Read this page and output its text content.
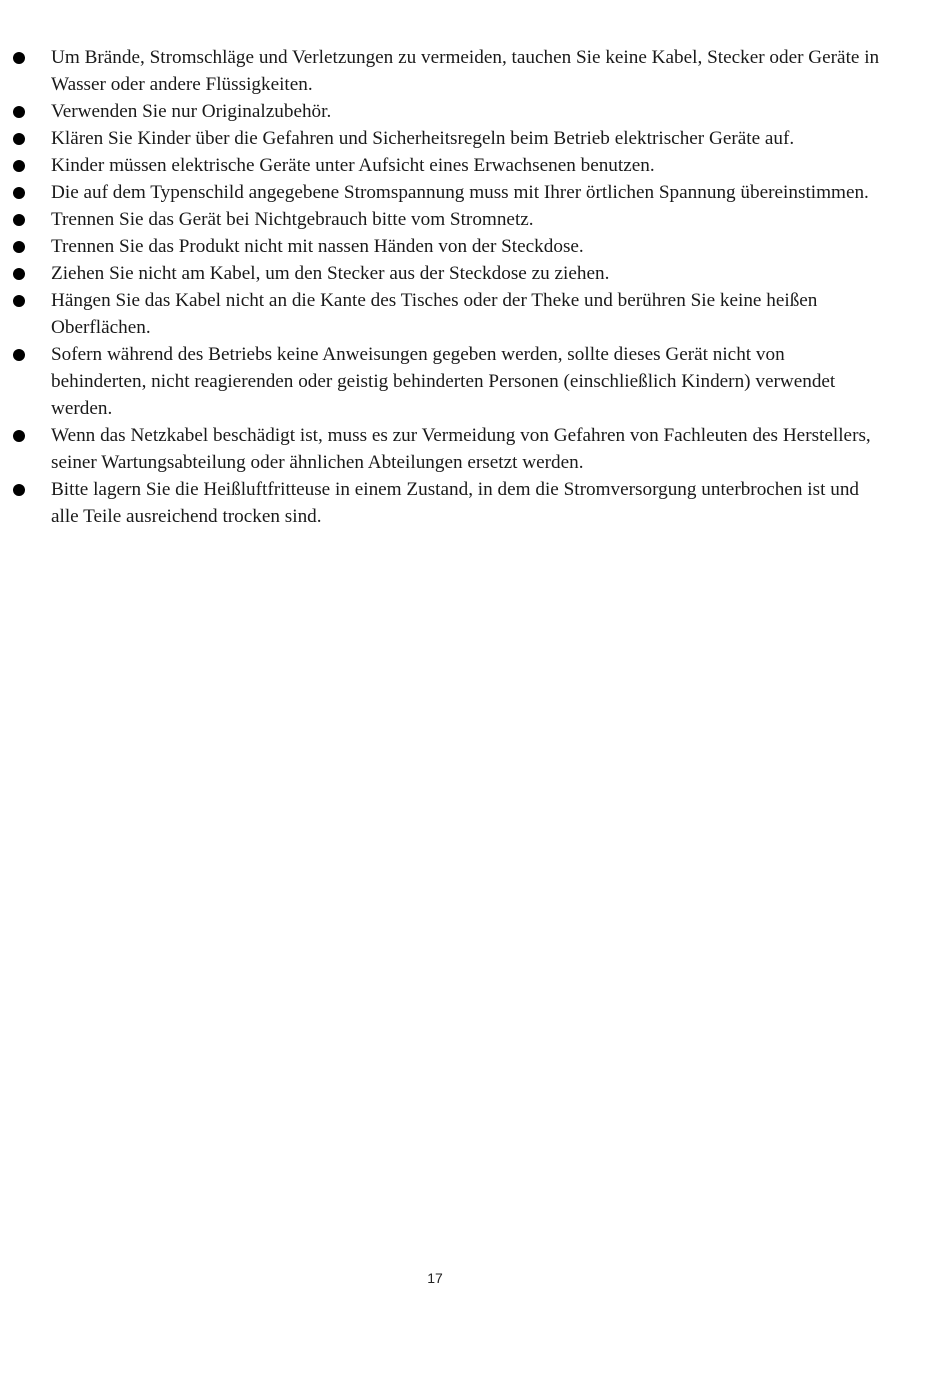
Um Brände, Stromschläge und Verletzungen zu vermeiden, tauchen Sie keine Kabel, Stecker oder Geräte in Wasser oder andere Flüssigkeiten.
Verwenden Sie nur Originalzubehör.
Klären Sie Kinder über die Gefahren und Sicherheitsregeln beim Betrieb elektrischer Geräte auf.
Kinder müssen elektrische Geräte unter Aufsicht eines Erwachsenen benutzen.
Die auf dem Typenschild angegebene Stromspannung muss mit Ihrer örtlichen Spannung übereinstimmen.
Trennen Sie das Gerät bei Nichtgebrauch bitte vom Stromnetz.
Trennen Sie das Produkt nicht mit nassen Händen von der Steckdose.
Ziehen Sie nicht am Kabel, um den Stecker aus der Steckdose zu ziehen.
Hängen Sie das Kabel nicht an die Kante des Tisches oder der Theke und berühren Sie keine heißen Oberflächen.
Sofern während des Betriebs keine Anweisungen gegeben werden, sollte dieses Gerät nicht von behinderten, nicht reagierenden oder geistig behinderten Personen (einschließlich Kindern) verwendet werden.
Wenn das Netzkabel beschädigt ist, muss es zur Vermeidung von Gefahren von Fachleuten des Herstellers, seiner Wartungsabteilung oder ähnlichen Abteilungen ersetzt werden.
Bitte lagern Sie die Heißluftfritteuse in einem Zustand, in dem die Stromversorgung unterbrochen ist und alle Teile ausreichend trocken sind.
17
